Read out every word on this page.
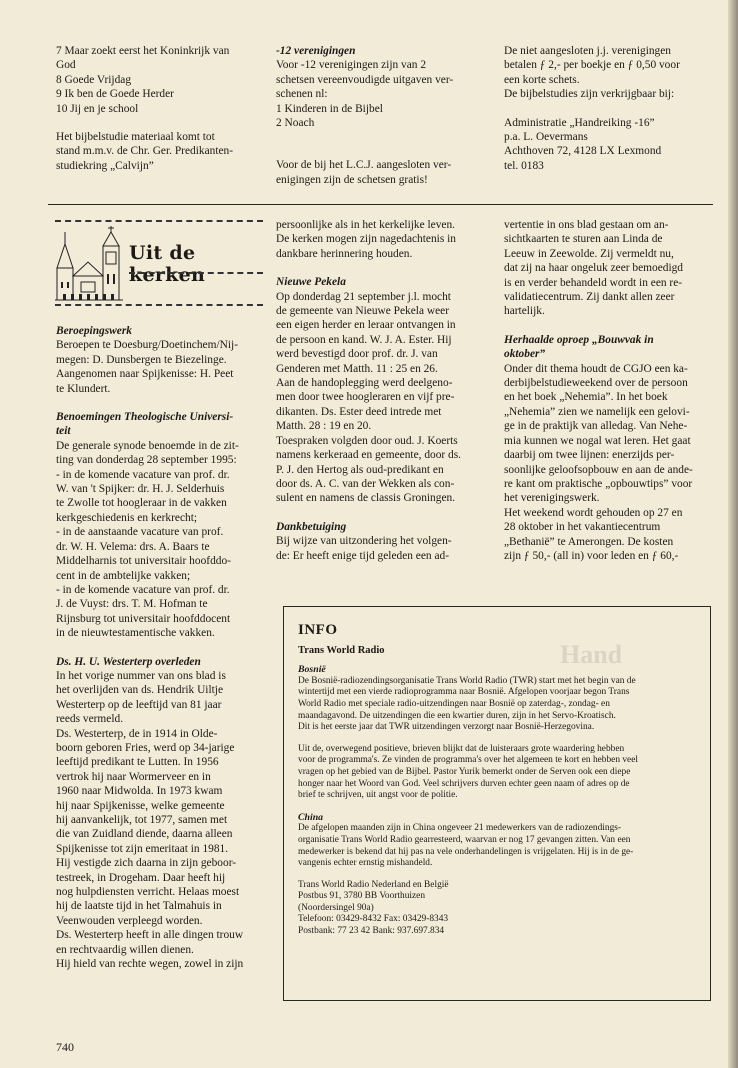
7 Maar zoekt eerst het Koninkrijk van

God

8 Goede Vrijdag

9 Ik ben de Goede Herder

10 Jij en je school

Het bijbelstudie materiaal komt tot

stand m.m.v. de Chr. Ger. Predikanten-

studiekring „Calvijn”

-12 verenigingen

Voor -12 verenigingen zijn van 2

schetsen vereenvoudigde uitgaven ver-

schenen nl:

1 Kinderen in de Bijbel

2 Noach

Voor de bij het L.C.J. aangesloten ver-

enigingen zijn de schetsen gratis!

De niet aangesloten j.j. verenigingen

betalen ƒ 2,- per boekje en ƒ 0,50 voor

een korte schets.

De bijbelstudies zijn verkrijgbaar bij:

Administratie „Handreiking -16”

p.a. L. Oevermans

Achthoven 72, 4128 LX Lexmond

tel. 0183

Uit de kerken

Beroepingswerk

Beroepen te Doesburg/Doetinchem/Nij-

megen: D. Dunsbergen te Biezelinge.

Aangenomen naar Spijkenisse: H. Peet

te Klundert.

Benoemingen Theologische Universi-

teit

De generale synode benoemde in de zit-

ting van donderdag 28 september 1995:

- in de komende vacature van prof. dr.

W. van 't Spijker: dr. H. J. Selderhuis

te Zwolle tot hoogleraar in de vakken

kerkgeschiedenis en kerkrecht;

- in de aanstaande vacature van prof.

dr. W. H. Velema: drs. A. Baars te

Middelharnis tot universitair hoofddo-

cent in de ambtelijke vakken;

- in de komende vacature van prof. dr.

J. de Vuyst: drs. T. M. Hofman te

Rijnsburg tot universitair hoofddocent

in de nieuwtestamentische vakken.

Ds. H. U. Westerterp overleden

In het vorige nummer van ons blad is

het overlijden van ds. Hendrik Uiltje

Westerterp op de leeftijd van 81 jaar

reeds vermeld.

Ds. Westerterp, de in 1914 in Olde-

boorn geboren Fries, werd op 34-jarige

leeftijd predikant te Lutten. In 1956

vertrok hij naar Wormerveer en in

1960 naar Midwolda. In 1973 kwam

hij naar Spijkenisse, welke gemeente

hij aanvankelijk, tot 1977, samen met

die van Zuidland diende, daarna alleen

Spijkenisse tot zijn emeritaat in 1981.

Hij vestigde zich daarna in zijn geboor-

testreek, in Drogeham. Daar heeft hij

nog hulpdiensten verricht. Helaas moest

hij de laatste tijd in het Talmahuis in

Veenwouden verpleegd worden.

Ds. Westerterp heeft in alle dingen trouw

en rechtvaardig willen dienen.

Hij hield van rechte wegen, zowel in zijn

persoonlijke als in het kerkelijke leven.

De kerken mogen zijn nagedachtenis in

dankbare herinnering houden.

Nieuwe Pekela

Op donderdag 21 september j.l. mocht

de gemeente van Nieuwe Pekela weer

een eigen herder en leraar ontvangen in

de persoon en kand. W. J. A. Ester. Hij

werd bevestigd door prof. dr. J. van

Genderen met Matth. 11 : 25 en 26.

Aan de handoplegging werd deelgeno-

men door twee hoogleraren en vijf pre-

dikanten. Ds. Ester deed intrede met

Matth. 28 : 19 en 20.

Toespraken volgden door oud. J. Koerts

namens kerkeraad en gemeente, door ds.

P. J. den Hertog als oud-predikant en

door ds. A. C. van der Wekken als con-

sulent en namens de classis Groningen.

Dankbetuiging

Bij wijze van uitzondering het volgen-

de: Er heeft enige tijd geleden een ad-

vertentie in ons blad gestaan om an-

sichtkaarten te sturen aan Linda de

Leeuw in Zeewolde. Zij vermeldt nu,

dat zij na haar ongeluk zeer bemoedigd

is en verder behandeld wordt in een re-

validatiecentrum. Zij dankt allen zeer

hartelijk.

Herhaalde oproep „Bouwvak in

oktober”

Onder dit thema houdt de CGJO een ka-

derbijbelstudieweekend over de persoon

en het boek „Nehemia”. In het boek

„Nehemia” zien we namelijk een gelovi-

ge in de praktijk van alledag. Van Nehe-

mia kunnen we nogal wat leren. Het gaat

daarbij om twee lijnen: enerzijds per-

soonlijke geloofsopbouw en aan de ande-

re kant om praktische „opbouwtips” voor

het verenigingswerk.

Het weekend wordt gehouden op 27 en

28 oktober in het vakantiecentrum

„Bethanië” te Amerongen. De kosten

zijn ƒ 50,- (all in) voor leden en ƒ 60,-

Hand

INFO

Trans World Radio

Bosnië

De Bosnië-radiozendingsorganisatie Trans World Radio (TWR) start met het begin van de

wintertijd met een vierde radioprogramma naar Bosnië. Afgelopen voorjaar begon Trans

World Radio met speciale radio-uitzendingen naar Bosnië op zaterdag-, zondag- en

maandagavond. De uitzendingen die een kwartier duren, zijn in het Servo-Kroatisch.

Dit is het eerste jaar dat TWR uitzendingen verzorgt naar Bosnië-Herzegovina.

Uit de, overwegend positieve, brieven blijkt dat de luisteraars grote waardering hebben

voor de programma's. Ze vinden de programma's over het algemeen te kort en hebben veel

vragen op het gebied van de Bijbel. Pastor Yurik bemerkt onder de Serven ook een diepe

honger naar het Woord van God. Veel schrijvers durven echter geen naam of adres op de

brief te schrijven, uit angst voor de politie.

China

De afgelopen maanden zijn in China ongeveer 21 medewerkers van de radiozendings-

organisatie Trans World Radio gearresteerd, waarvan er nog 17 gevangen zitten. Van een

medewerker is bekend dat hij pas na vele onderhandelingen is vrijgelaten. Hij is in de ge-

vangenis echter ernstig mishandeld.

Trans World Radio Nederland en België

Postbus 91, 3780 BB Voorthuizen

(Noordersingel 90a)

Telefoon: 03429-8432 Fax: 03429-8343

Postbank: 77 23 42 Bank: 937.697.834

740
